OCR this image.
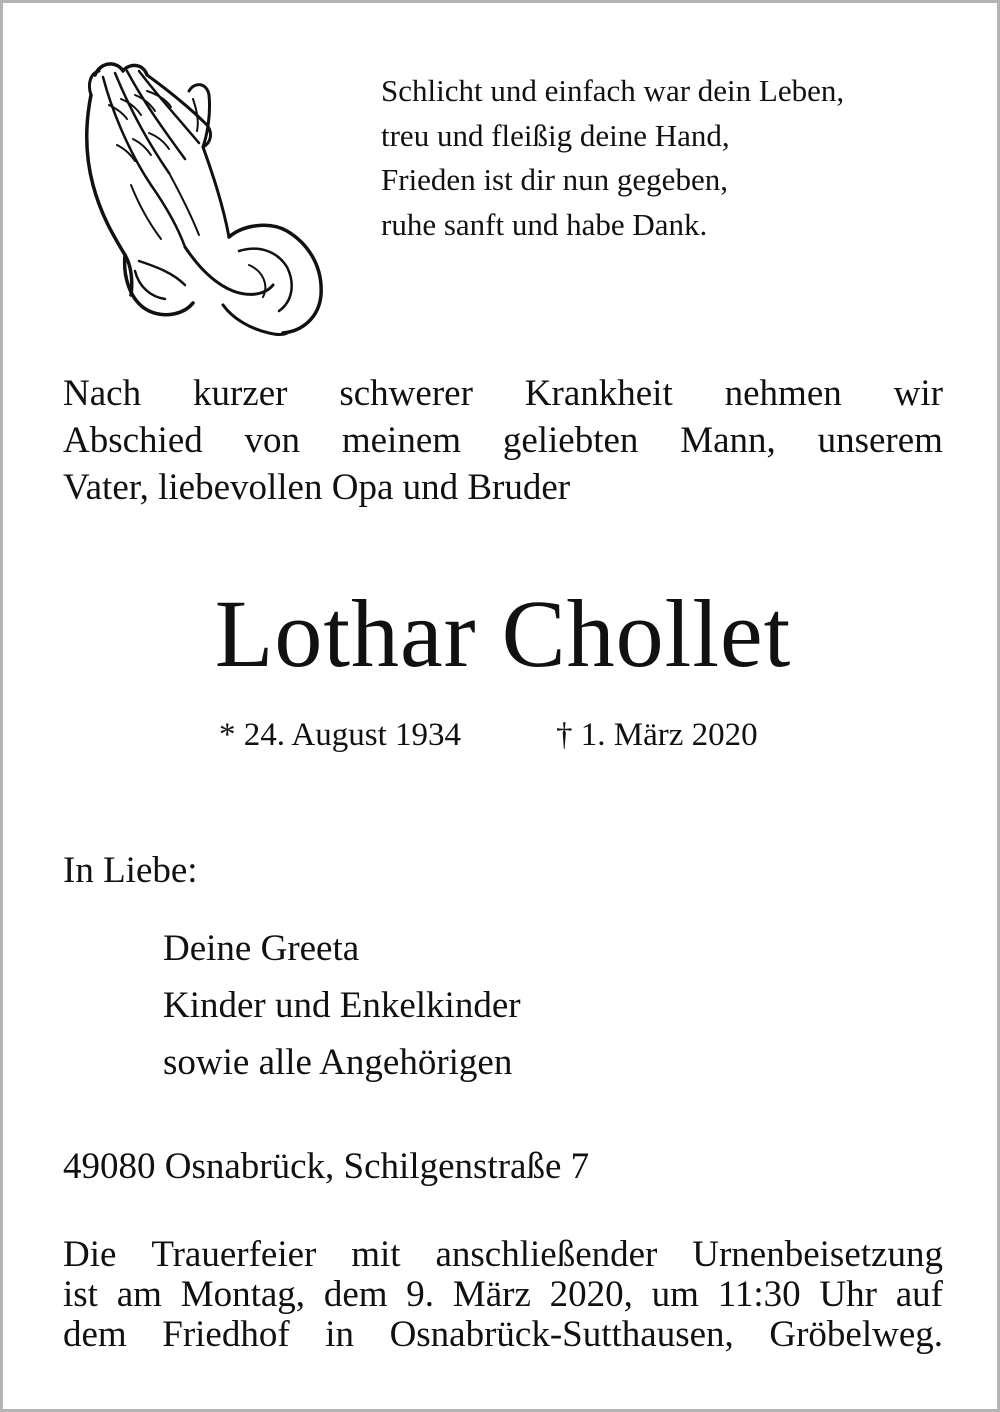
Schlicht und einfach war dein Leben,
treu und fleißig deine Hand,
Frieden ist dir nun gegeben,
ruhe sanft und habe Dank.
Nach kurzer schwerer Krankheit nehmen wir
Abschied von meinem geliebten Mann, unserem
Vater, liebevollen Opa und Bruder
Lothar Chollet
* 24. August 1934	† 1. März 2020
In Liebe:
Deine Greeta
Kinder und Enkelkinder
sowie alle Angehörigen
49080 Osnabrück, Schilgenstraße 7
Die Trauerfeier mit anschließender Urnenbeisetzung
ist am Montag, dem 9. März 2020, um 11:30 Uhr auf
dem Friedhof in Osnabrück-Sutthausen, Gröbelweg.
